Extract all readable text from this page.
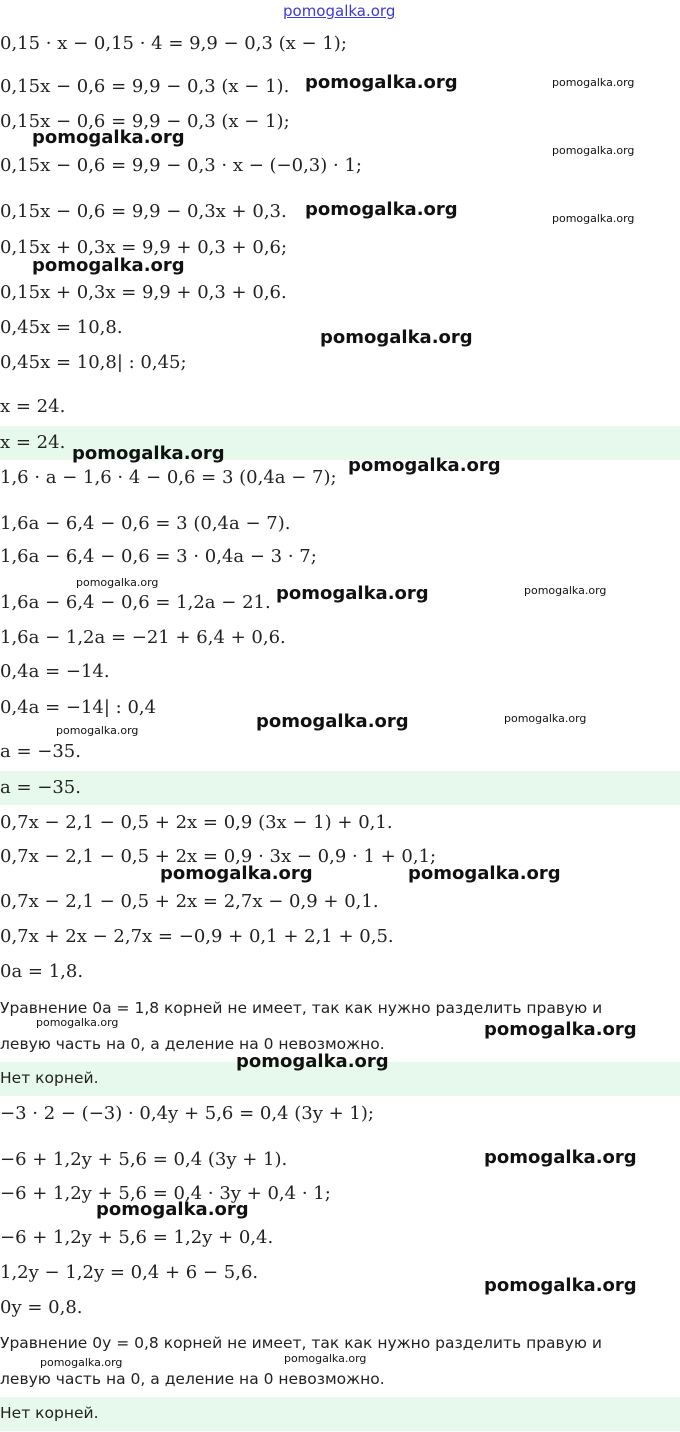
pomogalka.org
0,15 · x − 0,15 · 4 = 9,9 − 0,3 (x − 1);
0,15x − 0,6 = 9,9 − 0,3 (x − 1).
0,15x − 0,6 = 9,9 − 0,3 (x − 1);
0,15x − 0,6 = 9,9 − 0,3 · x − (−0,3) · 1;
0,15x − 0,6 = 9,9 − 0,3x + 0,3.
0,15x + 0,3x = 9,9 + 0,3 + 0,6;
0,15x + 0,3x = 9,9 + 0,3 + 0,6.
0,45x = 10,8.
0,45x = 10,8| : 0,45;
x = 24.
x = 24.
1,6 · a − 1,6 · 4 − 0,6 = 3 (0,4a − 7);
1,6a − 6,4 − 0,6 = 3 (0,4a − 7).
1,6a − 6,4 − 0,6 = 3 · 0,4a − 3 · 7;
1,6a − 6,4 − 0,6 = 1,2a − 21.
1,6a − 1,2a = −21 + 6,4 + 0,6.
0,4a = −14.
0,4a = −14| : 0,4
a = −35.
a = −35.
0,7x − 2,1 − 0,5 + 2x = 0,9 (3x − 1) + 0,1.
0,7x − 2,1 − 0,5 + 2x = 0,9 · 3x − 0,9 · 1 + 0,1;
0,7x − 2,1 − 0,5 + 2x = 2,7x − 0,9 + 0,1.
0,7x + 2x − 2,7x = −0,9 + 0,1 + 2,1 + 0,5.
0a = 1,8.
Уравнение 0a = 1,8 корней не имеет, так как нужно разделить правую и
левую часть на 0, а деление на 0 невозможно.
Нет корней.
−3 · 2 − (−3) · 0,4y + 5,6 = 0,4 (3y + 1);
−6 + 1,2y + 5,6 = 0,4 (3y + 1).
−6 + 1,2y + 5,6 = 0,4 · 3y + 0,4 · 1;
−6 + 1,2y + 5,6 = 1,2y + 0,4.
1,2y − 1,2y = 0,4 + 6 − 5,6.
0y = 0,8.
Уравнение 0y = 0,8 корней не имеет, так как нужно разделить правую и
левую часть на 0, а деление на 0 невозможно.
Нет корней.
pomogalka.org
pomogalka.org
pomogalka.org
pomogalka.org
pomogalka.org
pomogalka.org
pomogalka.org
pomogalka.org
pomogalka.org
pomogalka.org	pomogalka.org
pomogalka.org
pomogalka.org
pomogalka.org
pomogalka.org
pomogalka.org
pomogalka.org
pomogalka.org
pomogalka.org
pomogalka.org
pomogalka.org
pomogalka.org
pomogalka.org
pomogalka.org
pomogalka.org
pomogalka.org
